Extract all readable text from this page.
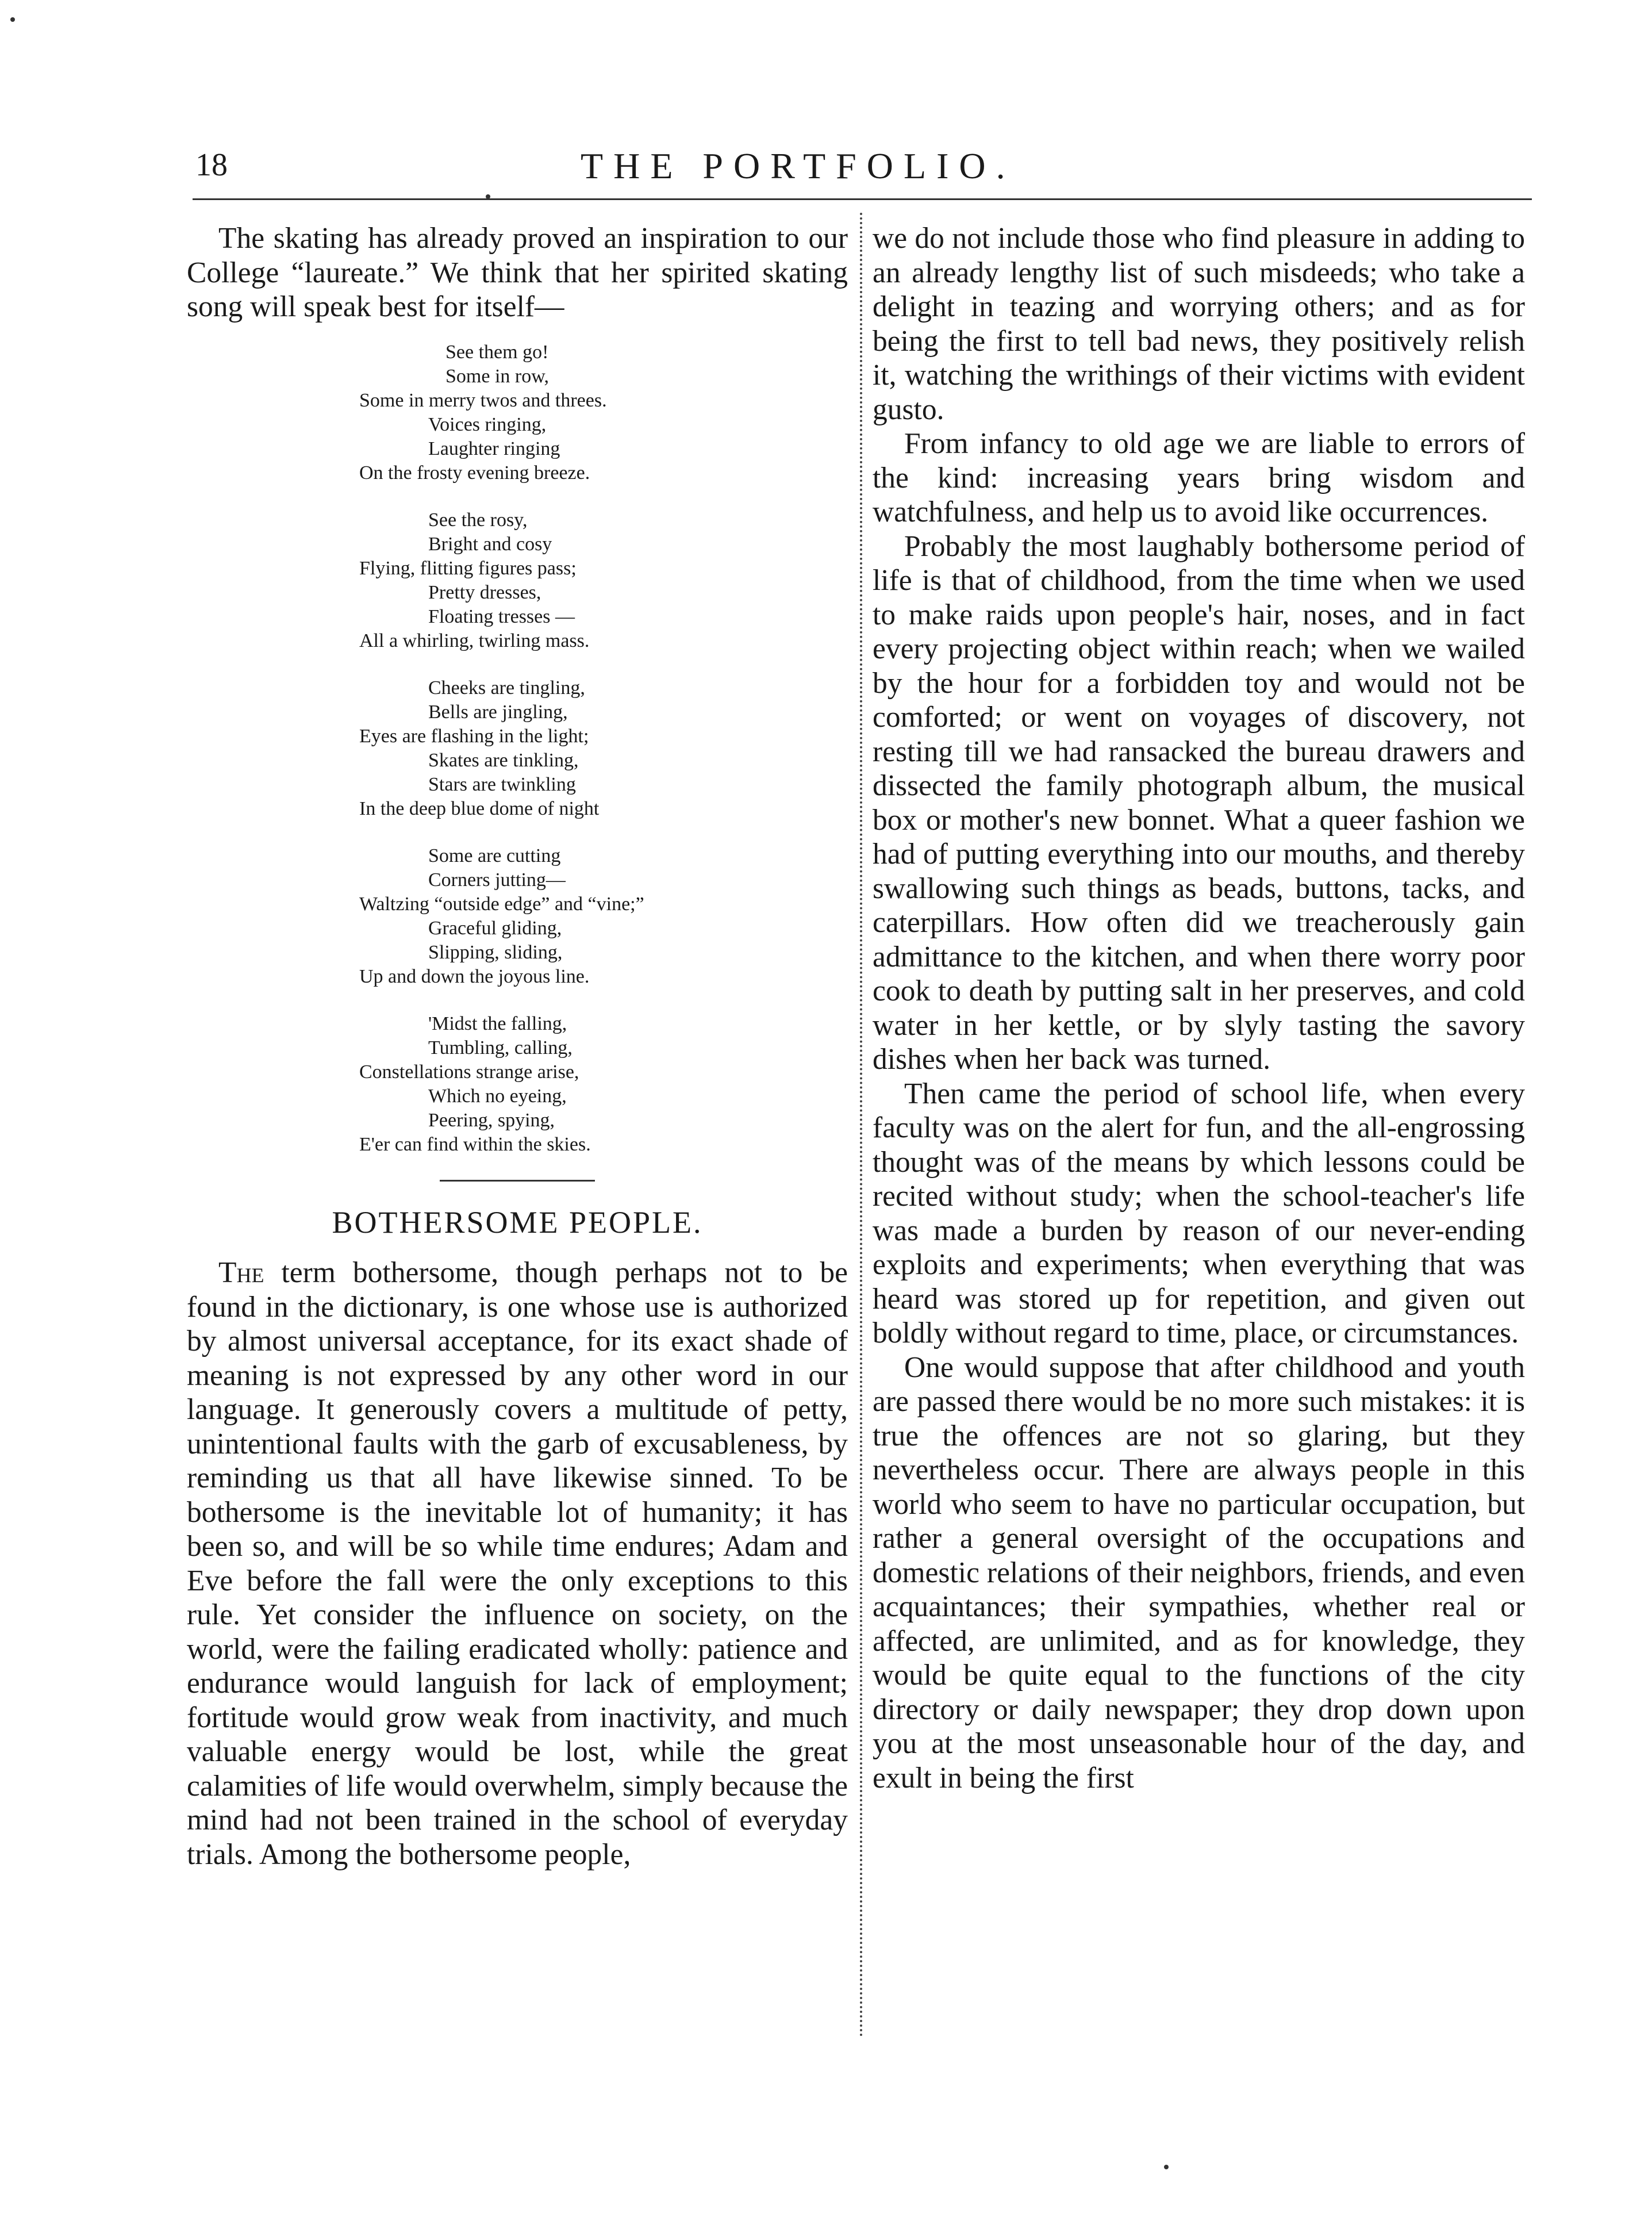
18	THE PORTFOLIO.

The skating has already proved an inspiration to our College “laureate.” We think that her spirited skating song will speak best for itself—

See them go!
Some in row,
Some in merry twos and threes.
Voices ringing,
Laughter ringing
On the frosty evening breeze.
See the rosy,
Bright and cosy
Flying, flitting figures pass;
Pretty dresses,
Floating tresses —
All a whirling, twirling mass.
Cheeks are tingling,
Bells are jingling,
Eyes are flashing in the light;
Skates are tinkling,
Stars are twinkling
In the deep blue dome of night
Some are cutting
Corners jutting—
Waltzing “outside edge” and “vine;”
Graceful gliding,
Slipping, sliding,
Up and down the joyous line.
'Midst the falling,
Tumbling, calling,
Constellations strange arise,
Which no eyeing,
Peering, spying,
E'er can find within the skies.
BOTHERSOME PEOPLE.

The term bothersome, though perhaps not to be found in the dictionary, is one whose use is authorized by almost universal acceptance, for its exact shade of meaning is not expressed by any other word in our language. It generously covers a multitude of petty, unintentional faults with the garb of excusableness, by reminding us that all have likewise sinned. To be bothersome is the inevitable lot of humanity; it has been so, and will be so while time endures; Adam and Eve before the fall were the only exceptions to this rule. Yet consider the influence on society, on the world, were the failing eradicated wholly: patience and endurance would languish for lack of employment; fortitude would grow weak from inactivity, and much valuable energy would be lost, while the great calamities of life would overwhelm, simply because the mind had not been trained in the school of everyday trials. Among the bothersome people,

we do not include those who find pleasure in adding to an already lengthy list of such misdeeds; who take a delight in teazing and worrying others; and as for being the first to tell bad news, they positively relish it, watching the writhings of their victims with evident gusto.

From infancy to old age we are liable to errors of the kind: increasing years bring wisdom and watchfulness, and help us to avoid like occurrences.

Probably the most laughably bothersome period of life is that of childhood, from the time when we used to make raids upon people's hair, noses, and in fact every projecting object within reach; when we wailed by the hour for a forbidden toy and would not be comforted; or went on voyages of discovery, not resting till we had ransacked the bureau drawers and dissected the family photograph album, the musical box or mother's new bonnet. What a queer fashion we had of putting everything into our mouths, and thereby swallowing such things as beads, buttons, tacks, and caterpillars. How often did we treacherously gain admittance to the kitchen, and when there worry poor cook to death by putting salt in her preserves, and cold water in her kettle, or by slyly tasting the savory dishes when her back was turned.

Then came the period of school life, when every faculty was on the alert for fun, and the all-engrossing thought was of the means by which lessons could be recited without study; when the school-teacher's life was made a burden by reason of our never-ending exploits and experiments; when everything that was heard was stored up for repetition, and given out boldly without regard to time, place, or circumstances.

One would suppose that after childhood and youth are passed there would be no more such mistakes: it is true the offences are not so glaring, but they nevertheless occur. There are always people in this world who seem to have no particular occupation, but rather a general oversight of the occupations and domestic relations of their neighbors, friends, and even acquaintances; their sympathies, whether real or affected, are unlimited, and as for knowledge, they would be quite equal to the functions of the city directory or daily newspaper; they drop down upon you at the most unseasonable hour of the day, and exult in being the first
